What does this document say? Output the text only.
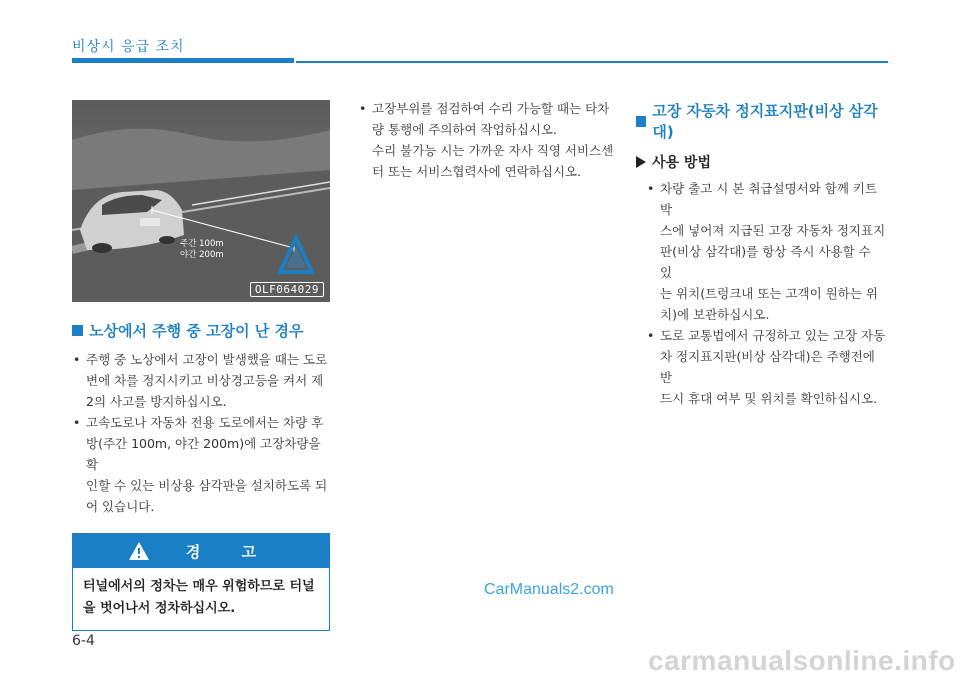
비상시 응급 조치
주간 100m
야간 200m
OLF064029
노상에서 주행 중 고장이 난 경우
• 주행 중 노상에서 고장이 발생했을 때는 도로
변에 차를 정지시키고 비상경고등을 켜서 제
2의 사고를 방지하십시오.
• 고속도로나 자동차 전용 도로에서는 차량 후
방(주간 100m, 야간 200m)에 고장차량을 확
인할 수 있는 비상용 삼각판을 설치하도록 되
어 있습니다.
경 고
터널에서의 정차는 매우 위험하므로 터널
을 벗어나서 정차하십시오.
• 고장부위를 점검하여 수리 가능할 때는 타차
량 통행에 주의하여 작업하십시오.
수리 불가능 시는 가까운 자사 직영 서비스센
터 또는 서비스협력사에 연락하십시오.
고장 자동차 정지표지판(비상 삼각대)
사용 방법
• 차량 출고 시 본 취급설명서와 함께 키트 박
스에 넣어져 지급된 고장 자동차 정지표지
판(비상 삼각대)를 항상 즉시 사용할 수 있
는 위치(트렁크내 또는 고객이 원하는 위
치)에 보관하십시오.
• 도로 교통법에서 규정하고 있는 고장 자동
차 정지표지판(비상 삼각대)은 주행전에 반
드시 휴대 여부 및 위치를 확인하십시오.
CarManuals2.com
6-4
carmanualsonline.info
